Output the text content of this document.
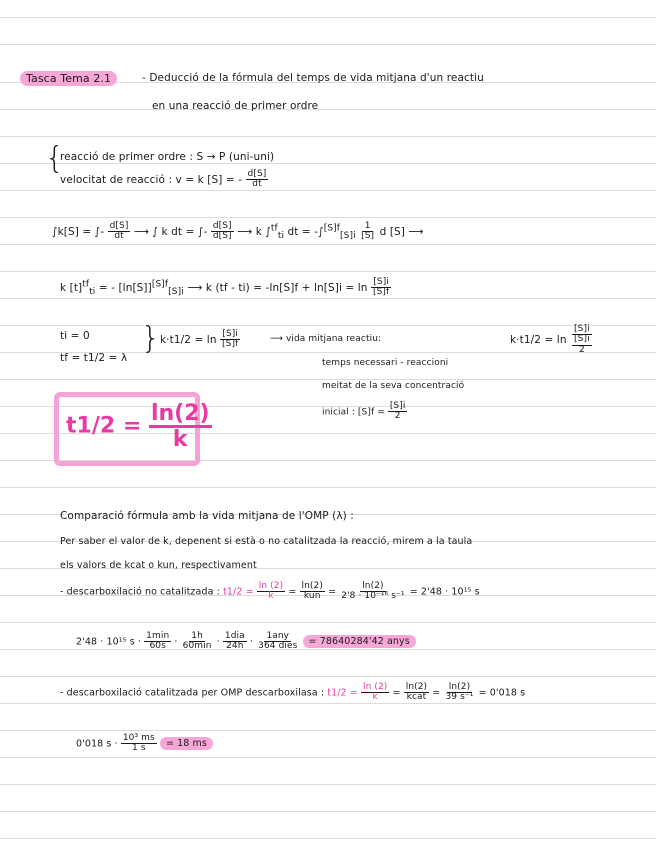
Tasca Tema 2.1	- Deducció de la fórmula del temps de vida mitjana d'un reactiu
en una reacció de primer ordre
{
reacció de primer ordre : S → P (uni-uni)
velocitat de reacció : v = k [S] = - $\frac{d[S]}{dt}$
∫k[S] = ∫- $\frac{d[S]}{dt}$ ⟶ ∫ k dt = ∫- $\frac{d[S]}{d[S]}$ ⟶ k ∫$^{tf}_{ti}$ dt = $-\int^{[S]f}_{[S]i} \frac{1}{[S]}$ d [S] ⟶
k $[t]^{tf}_{ti}$ = - $[\ln[S]]^{[S]f}_{[S]i}$ ⟶ k $(tf - ti) = -\ln[S]f + \ln[S]i = \ln \frac{[S]i}{[S]f}$
ti = 0
tf = t1/2 = λ
{ $k\cdot t1/2 = \ln \frac{[S]i}{[S]f}$	⟶ vida mitjana reactiu:
temps necessari - reaccioni
meitat de la seva concentració
inicial : $[S]f = \frac{[S]i}{2}$
$k\cdot t1/2 = \ln \frac{[S]i}{\frac{[S]i}{2}}$
$t1/2 = \frac{\ln(2)}{k}$
Comparació fórmula amb la vida mitjana de l'OMP (λ) :
Per saber el valor de k, depenent si està o no catalitzada la reacció, mirem a la taula
els valors de kcat o kun, respectivament
- descarboxilació no catalitzada : $t1/2 = \frac{\ln (2)}{k} = \frac{\ln(2)}{\text{kun}} = \frac{\ln(2)}{\text{2'8 · 10⁻¹⁶ s⁻¹}} = 2'48 \cdot 10^{15}$ s
2'48 · 10¹⁵ $s \cdot \frac{1\min}{60s} \cdot \frac{1h}{60\min} \cdot \frac{\text{1dia}}{24h} \cdot \frac{\text{1any}}{\text{364 dies}} = 78640284'42$ anys
- descarboxilació catalitzada per OMP descarboxilasa : $t1/2 = \frac{\ln (2)}{k} = \frac{\ln(2)}{\text{kcat}} = \frac{\ln(2)}{\text{39 s⁻¹}} = 0'018$ s
0'018 $s \cdot \frac{\text{10³ ms}}{1 s} = 18$ ms
